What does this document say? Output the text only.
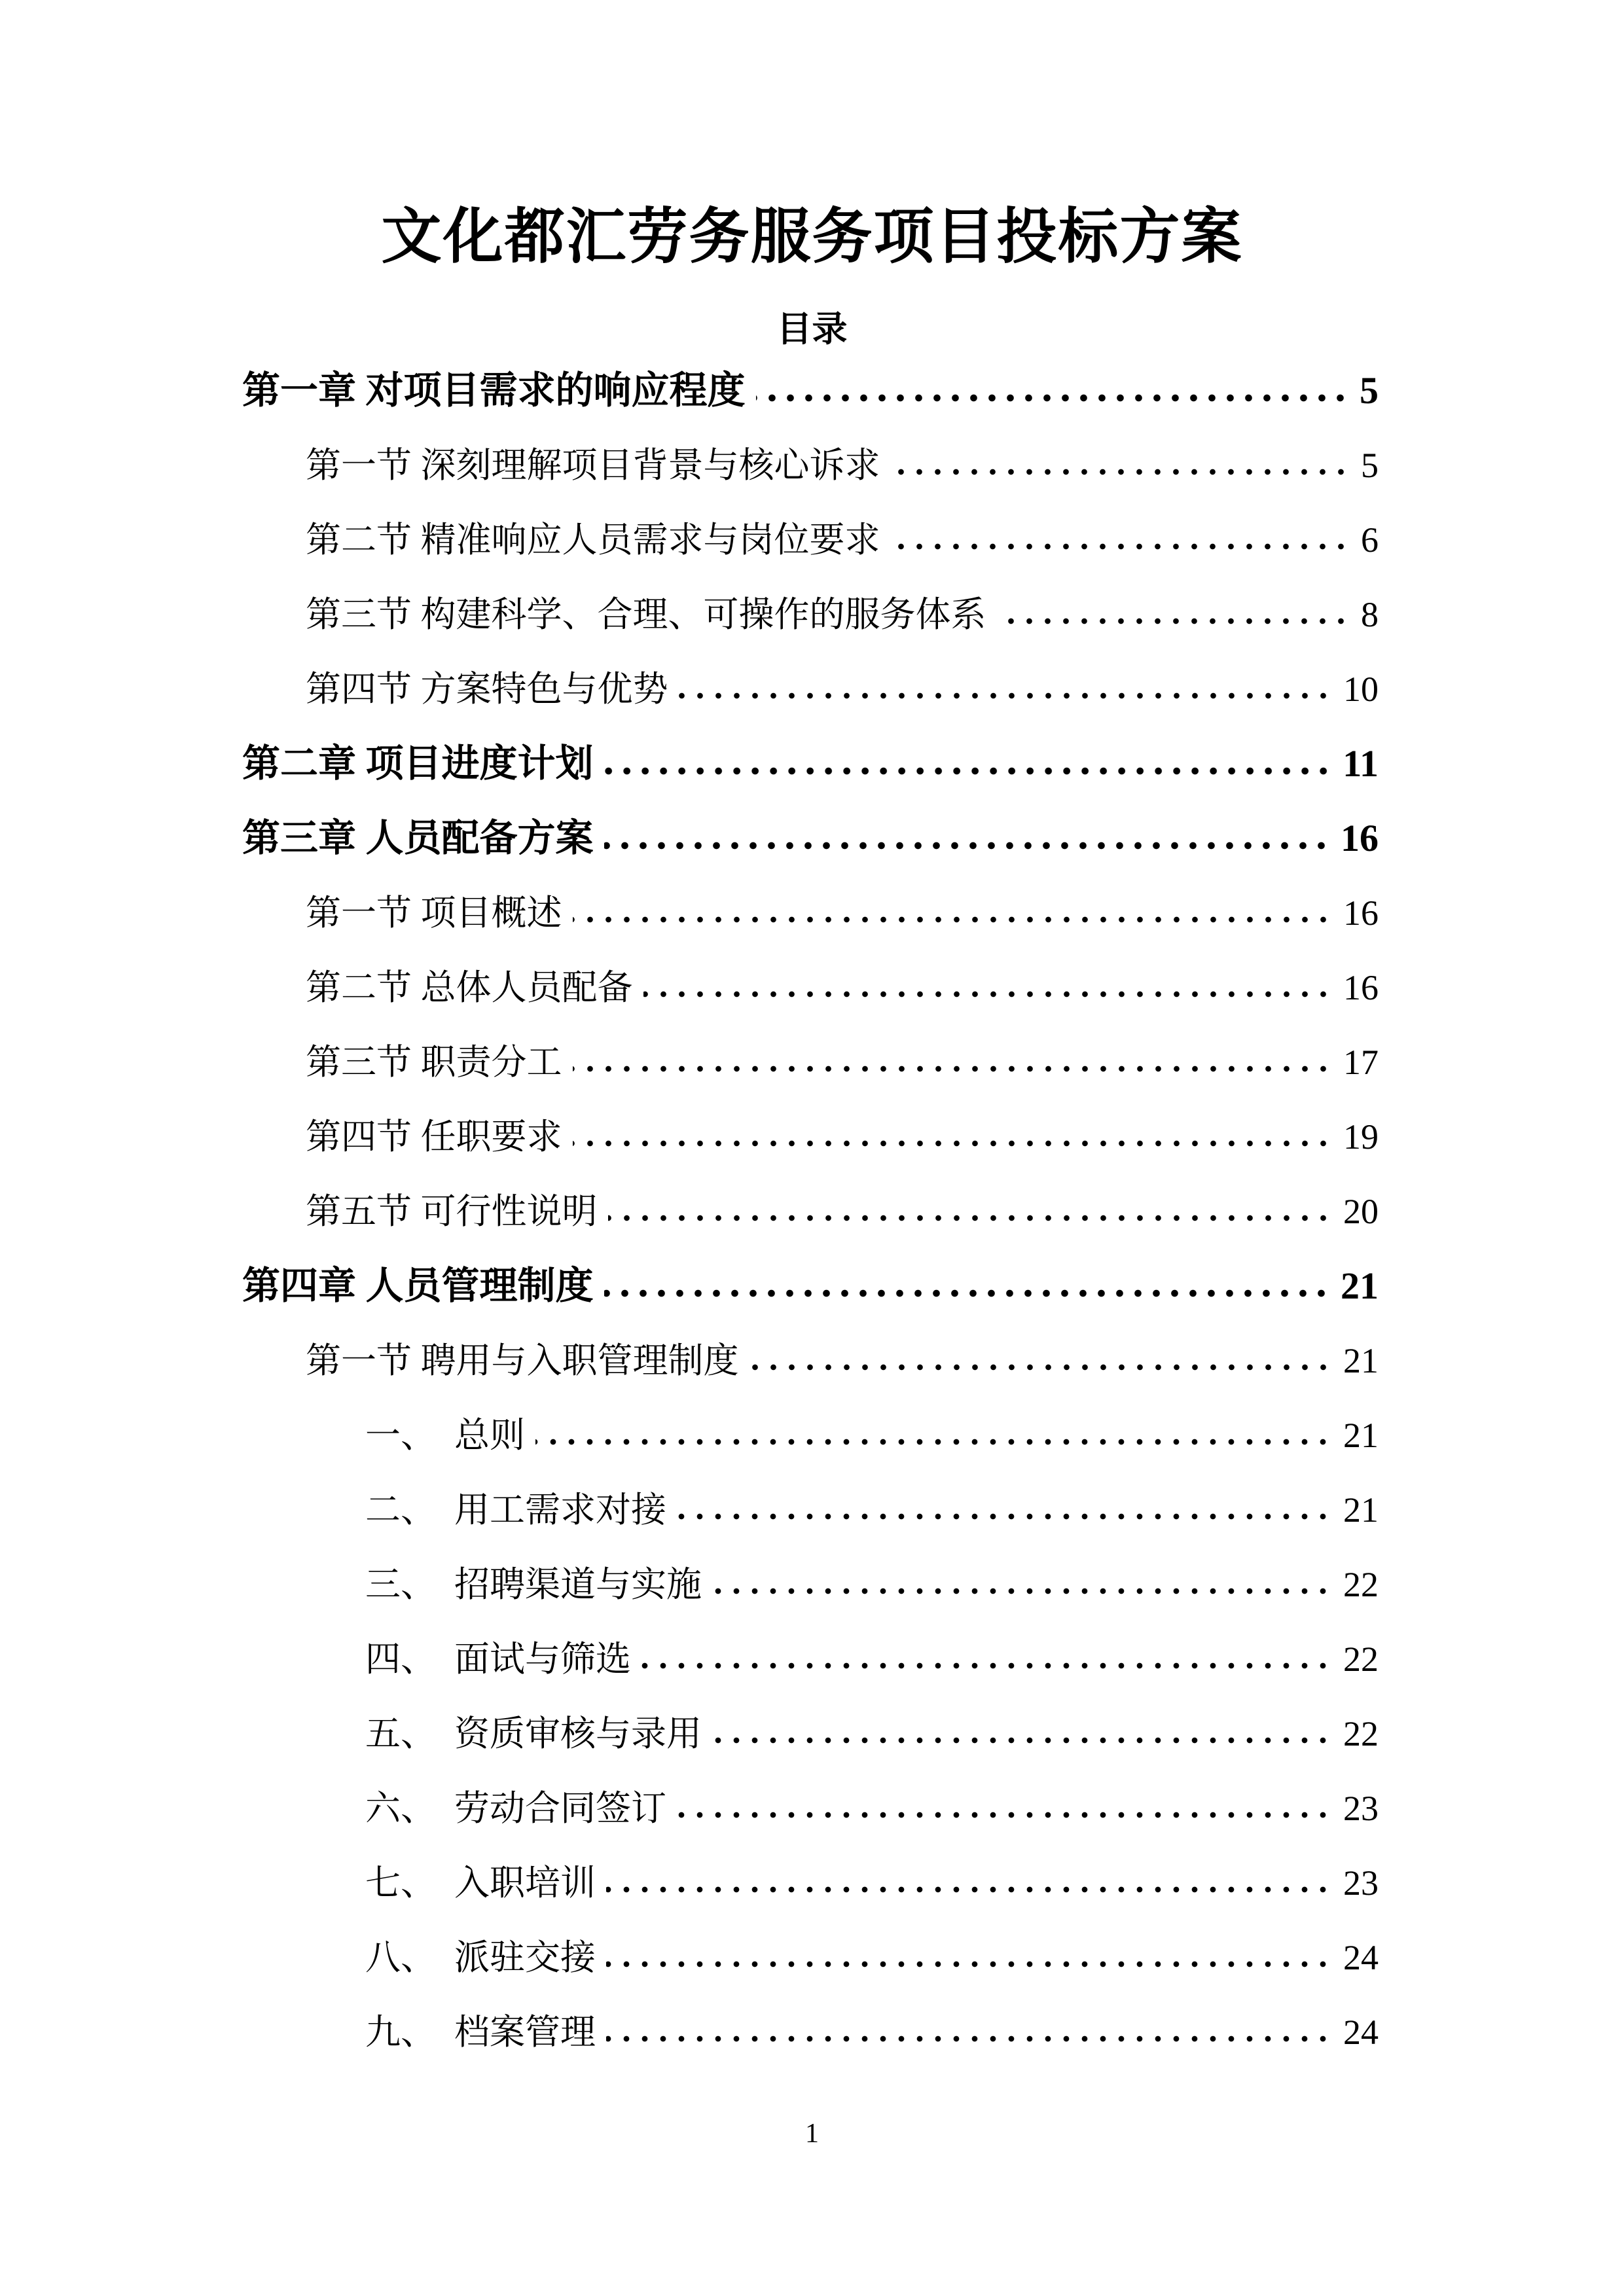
文化都汇劳务服务项目投标方案
目录
第一章 对项目需求的响应程度	5
第一节 深刻理解项目背景与核心诉求	5
第二节 精准响应人员需求与岗位要求	6
第三节 构建科学、合理、可操作的服务体系	8
第四节 方案特色与优势	10
第二章 项目进度计划	11
第三章 人员配备方案	16
第一节 项目概述	16
第二节 总体人员配备	16
第三节 职责分工	17
第四节 任职要求	19
第五节 可行性说明	20
第四章 人员管理制度	21
第一节 聘用与入职管理制度	21
一、 总则	21
二、 用工需求对接	21
三、 招聘渠道与实施	22
四、 面试与筛选	22
五、 资质审核与录用	22
六、 劳动合同签订	23
七、 入职培训	23
八、 派驻交接	24
九、 档案管理	24
1
